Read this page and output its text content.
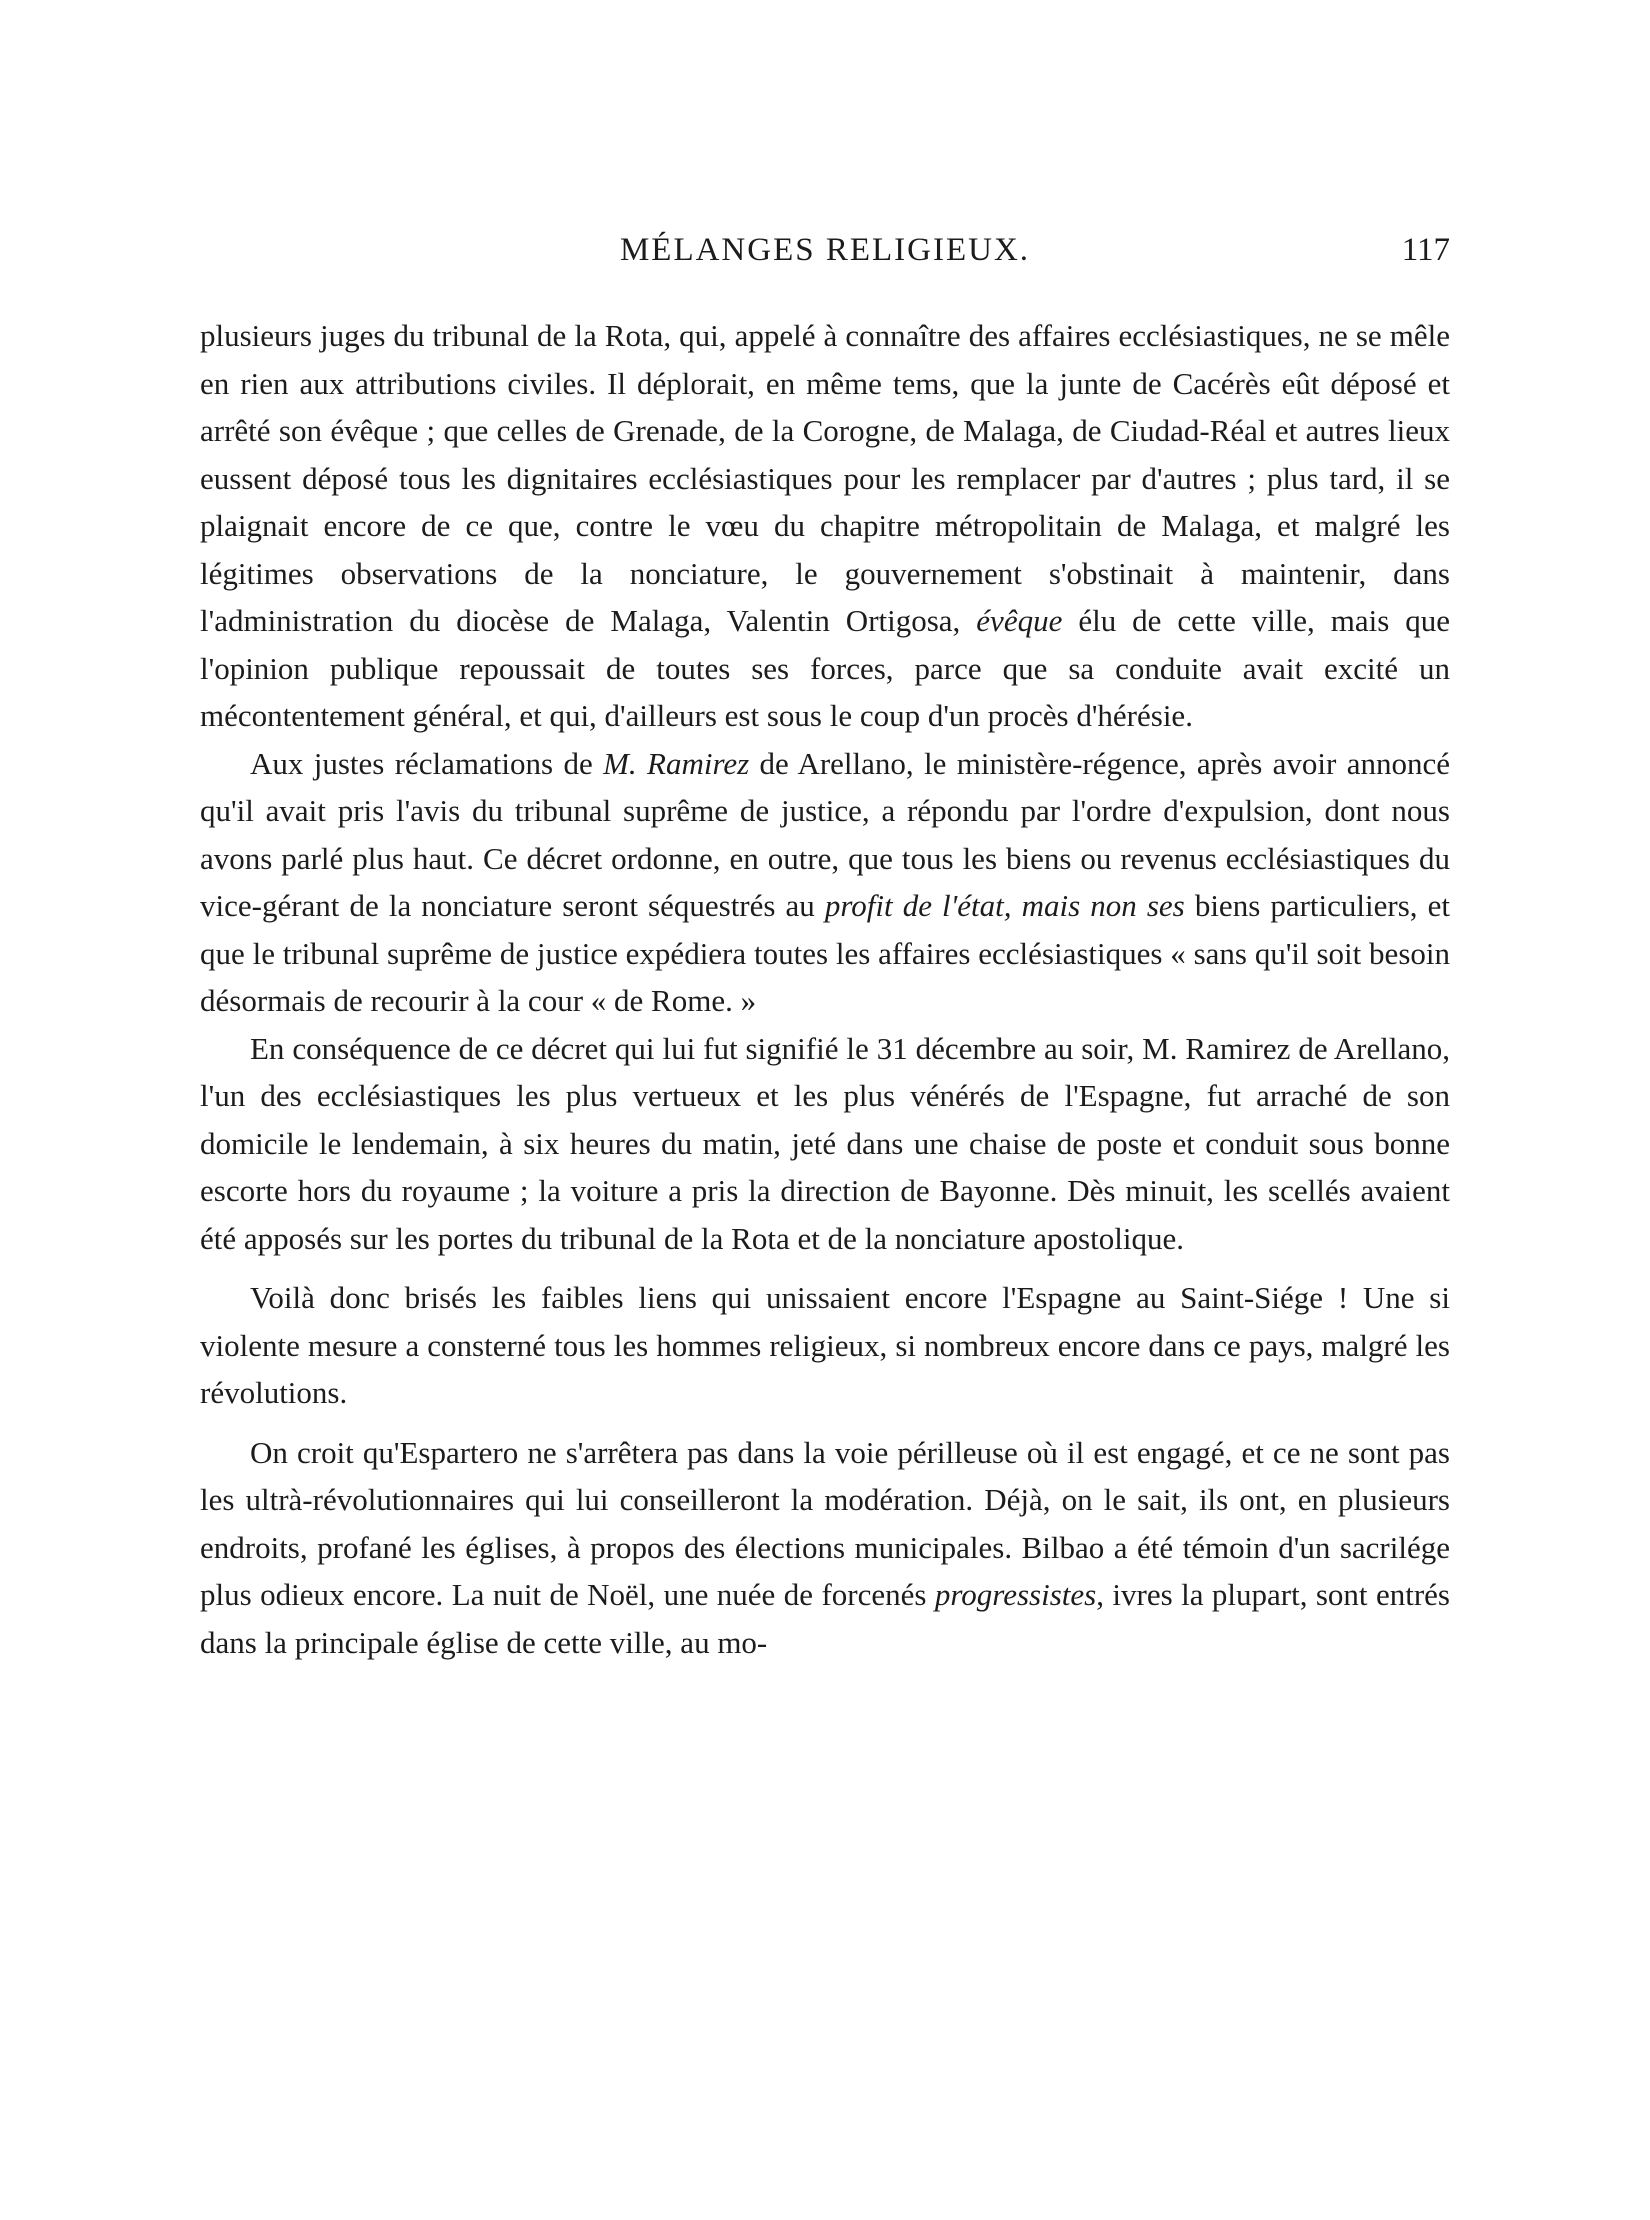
MÉLANGES RELIGIEUX.	117

plusieurs juges du tribunal de la Rota, qui, appelé à connaître des affaires ecclésiastiques, ne se mêle en rien aux attributions civiles. Il déplorait, en même tems, que la junte de Cacérès eût déposé et arrêté son évêque ; que celles de Grenade, de la Corogne, de Malaga, de Ciudad-Réal et autres lieux eussent déposé tous les dignitaires ecclésiastiques pour les remplacer par d'autres ; plus tard, il se plaignait encore de ce que, contre le vœu du chapitre métropolitain de Malaga, et malgré les légitimes observations de la nonciature, le gouvernement s'obstinait à maintenir, dans l'administration du diocèse de Malaga, Valentin Ortigosa, évêque élu de cette ville, mais que l'opinion publique repoussait de toutes ses forces, parce que sa conduite avait excité un mécontentement général, et qui, d'ailleurs est sous le coup d'un procès d'hérésie.

Aux justes réclamations de M. Ramirez de Arellano, le ministère-régence, après avoir annoncé qu'il avait pris l'avis du tribunal suprême de justice, a répondu par l'ordre d'expulsion, dont nous avons parlé plus haut. Ce décret ordonne, en outre, que tous les biens ou revenus ecclésiastiques du vice-gérant de la nonciature seront séquestrés au profit de l'état, mais non ses biens particuliers, et que le tribunal suprême de justice expédiera toutes les affaires ecclésiastiques « sans qu'il soit besoin désormais de recourir à la cour « de Rome. »

En conséquence de ce décret qui lui fut signifié le 31 décembre au soir, M. Ramirez de Arellano, l'un des ecclésiastiques les plus vertueux et les plus vénérés de l'Espagne, fut arraché de son domicile le lendemain, à six heures du matin, jeté dans une chaise de poste et conduit sous bonne escorte hors du royaume ; la voiture a pris la direction de Bayonne. Dès minuit, les scellés avaient été apposés sur les portes du tribunal de la Rota et de la nonciature apostolique.

Voilà donc brisés les faibles liens qui unissaient encore l'Espagne au Saint-Siége ! Une si violente mesure a consterné tous les hommes religieux, si nombreux encore dans ce pays, malgré les révolutions.

On croit qu'Espartero ne s'arrêtera pas dans la voie périlleuse où il est engagé, et ce ne sont pas les ultrà-révolutionnaires qui lui conseilleront la modération. Déjà, on le sait, ils ont, en plusieurs endroits, profané les églises, à propos des élections municipales. Bilbao a été témoin d'un sacrilége plus odieux encore. La nuit de Noël, une nuée de forcenés progressistes, ivres la plupart, sont entrés dans la principale église de cette ville, au mo-
